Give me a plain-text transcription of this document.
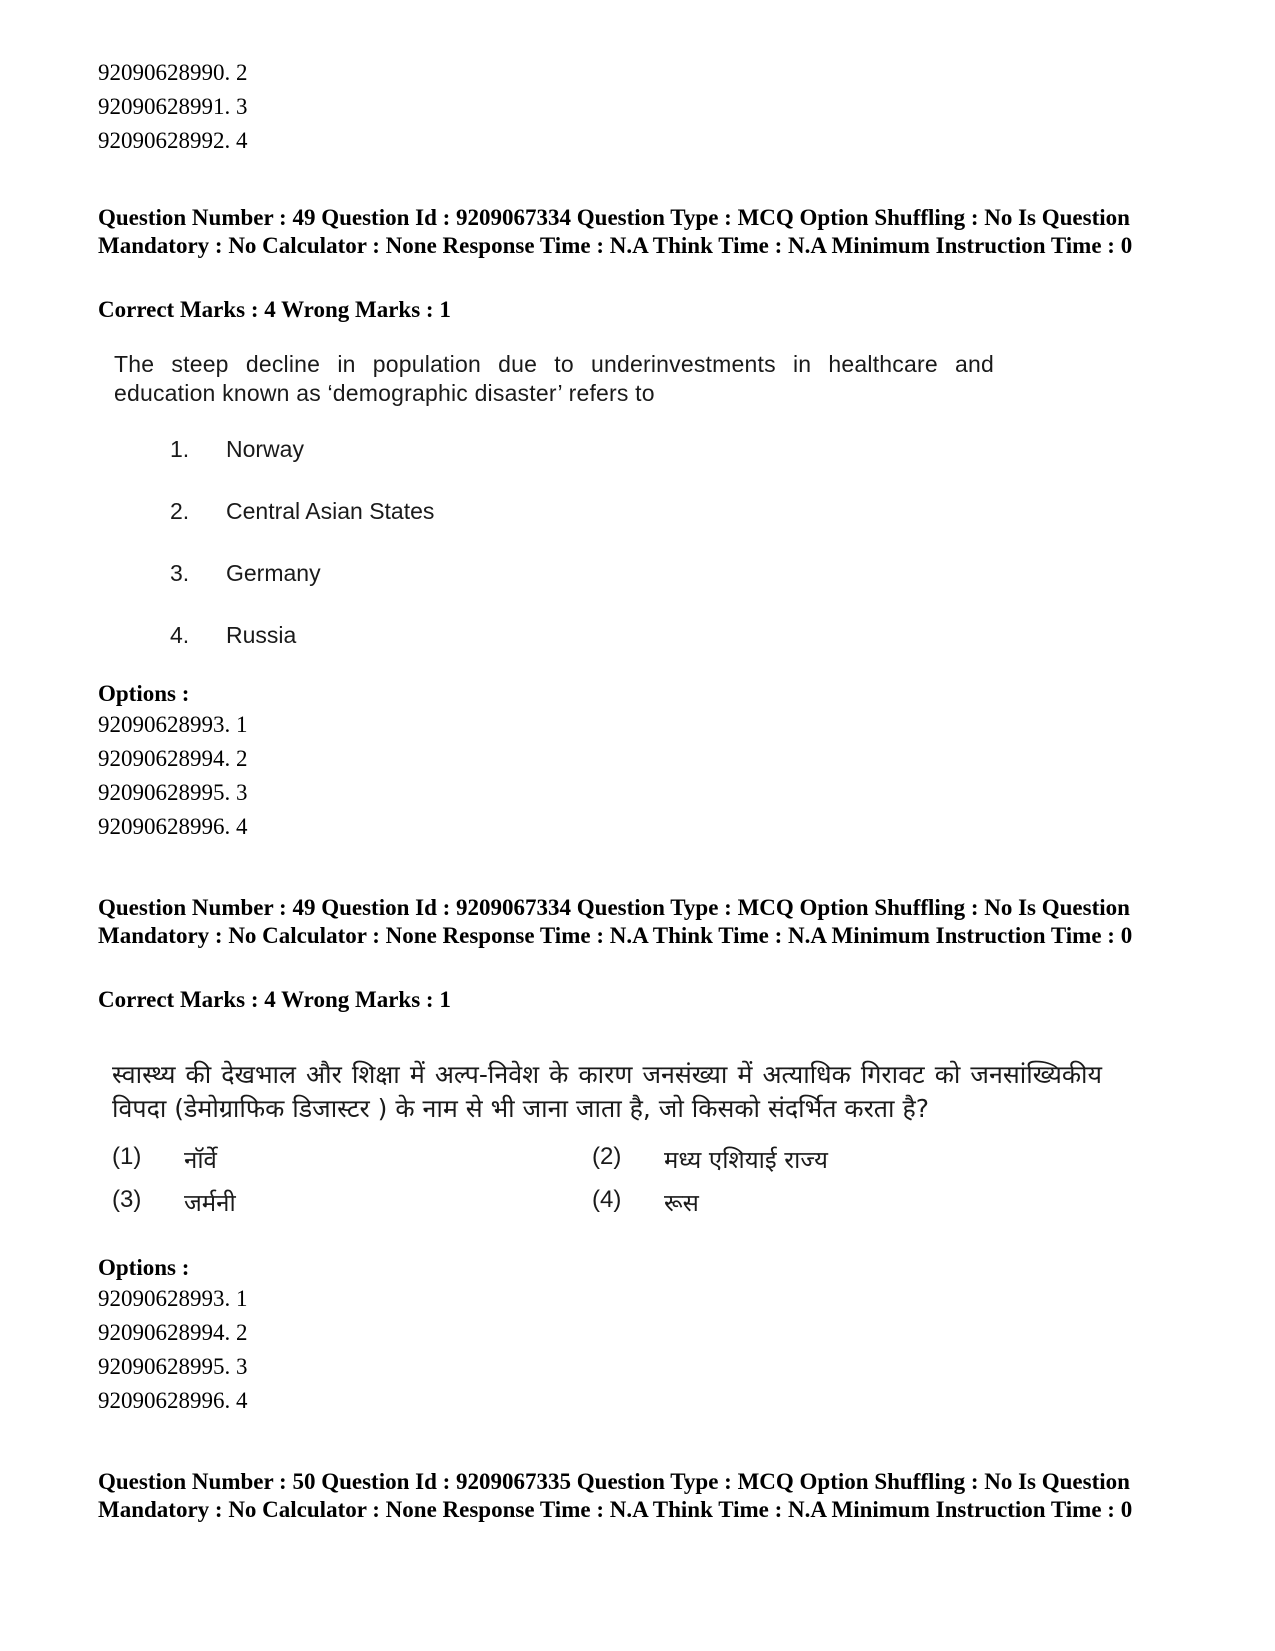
92090628990. 2
92090628991. 3
92090628992. 4
Question Number : 49 Question Id : 9209067334 Question Type : MCQ Option Shuffling : No Is Question Mandatory : No Calculator : None Response Time : N.A Think Time : N.A Minimum Instruction Time : 0
Correct Marks : 4 Wrong Marks : 1
The steep decline in population due to underinvestments in healthcare and education known as ‘demographic disaster’ refers to
1. Norway
2. Central Asian States
3. Germany
4. Russia
Options :
92090628993. 1
92090628994. 2
92090628995. 3
92090628996. 4
Question Number : 49 Question Id : 9209067334 Question Type : MCQ Option Shuffling : No Is Question Mandatory : No Calculator : None Response Time : N.A Think Time : N.A Minimum Instruction Time : 0
Correct Marks : 4 Wrong Marks : 1
स्वास्थ्य की देखभाल और शिक्षा में अल्प-निवेश के कारण जनसंख्या में अत्याधिक गिरावट को जनसांख्यिकीय विपदा (डेमोग्राफिक डिजास्टर ) के नाम से भी जाना जाता है, जो किसको संदर्भित करता है?
(1) नॉर्वे	(2) मध्य एशियाई राज्य
(3) जर्मनी	(4) रूस
Options :
92090628993. 1
92090628994. 2
92090628995. 3
92090628996. 4
Question Number : 50 Question Id : 9209067335 Question Type : MCQ Option Shuffling : No Is Question Mandatory : No Calculator : None Response Time : N.A Think Time : N.A Minimum Instruction Time : 0
